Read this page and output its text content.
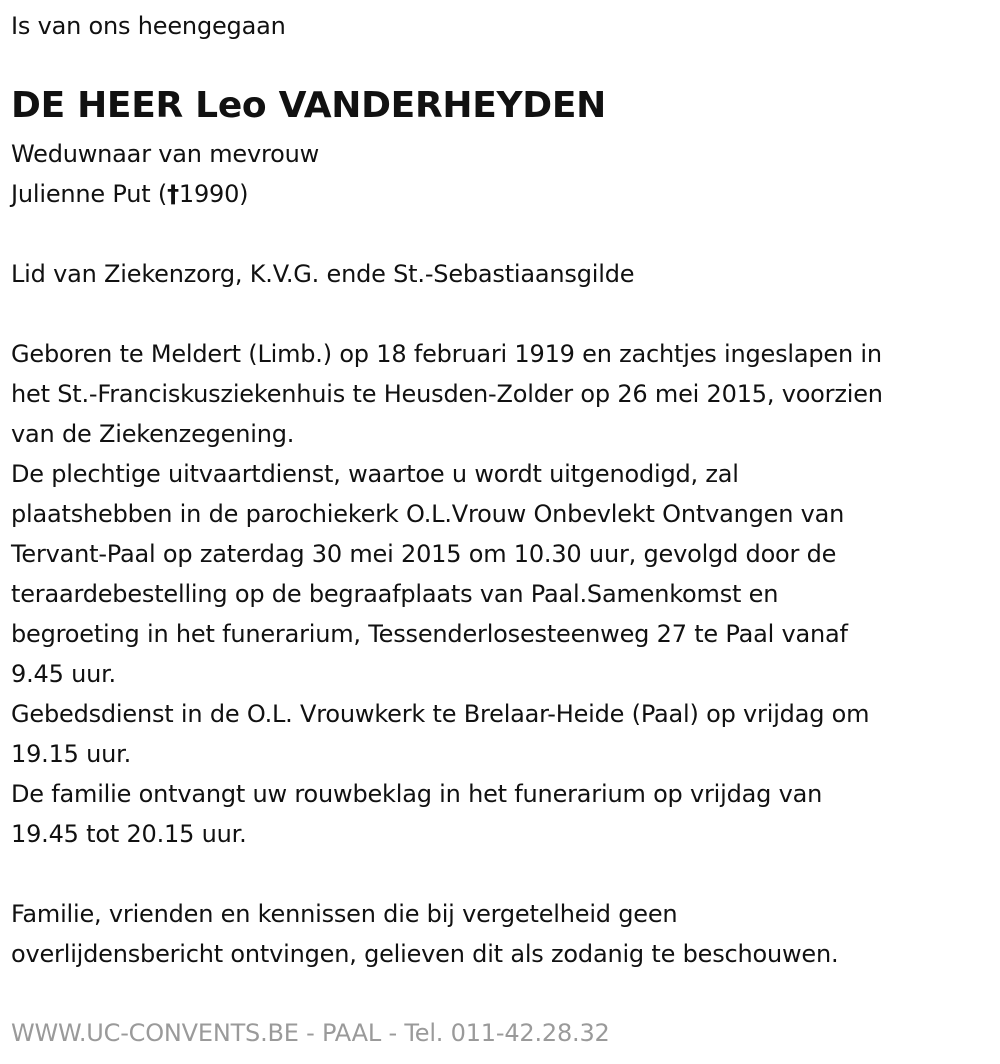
Is van ons heengegaan
DE HEER Leo VANDERHEYDEN
Weduwnaar van mevrouw
Julienne Put (†1990)
Lid van Ziekenzorg, K.V.G. ende St.-Sebastiaansgilde
Geboren te Meldert (Limb.) op 18 februari 1919 en zachtjes ingeslapen in
het St.-Franciskusziekenhuis te Heusden-Zolder op 26 mei 2015, voorzien
van de Ziekenzegening.
De plechtige uitvaartdienst, waartoe u wordt uitgenodigd, zal
plaatshebben in de parochiekerk O.L.Vrouw Onbevlekt Ontvangen van
Tervant-Paal op zaterdag 30 mei 2015 om 10.30 uur, gevolgd door de
teraardebestelling op de begraafplaats van Paal.Samenkomst en
begroeting in het funerarium, Tessenderlosesteenweg 27 te Paal vanaf
9.45 uur.
Gebedsdienst in de O.L. Vrouwkerk te Brelaar-Heide (Paal) op vrijdag om
19.15 uur.
De familie ontvangt uw rouwbeklag in het funerarium op vrijdag van
19.45 tot 20.15 uur.
Familie, vrienden en kennissen die bij vergetelheid geen
overlijdensbericht ontvingen, gelieven dit als zodanig te beschouwen.
WWW.UC-CONVENTS.BE - PAAL - Tel. 011-42.28.32
